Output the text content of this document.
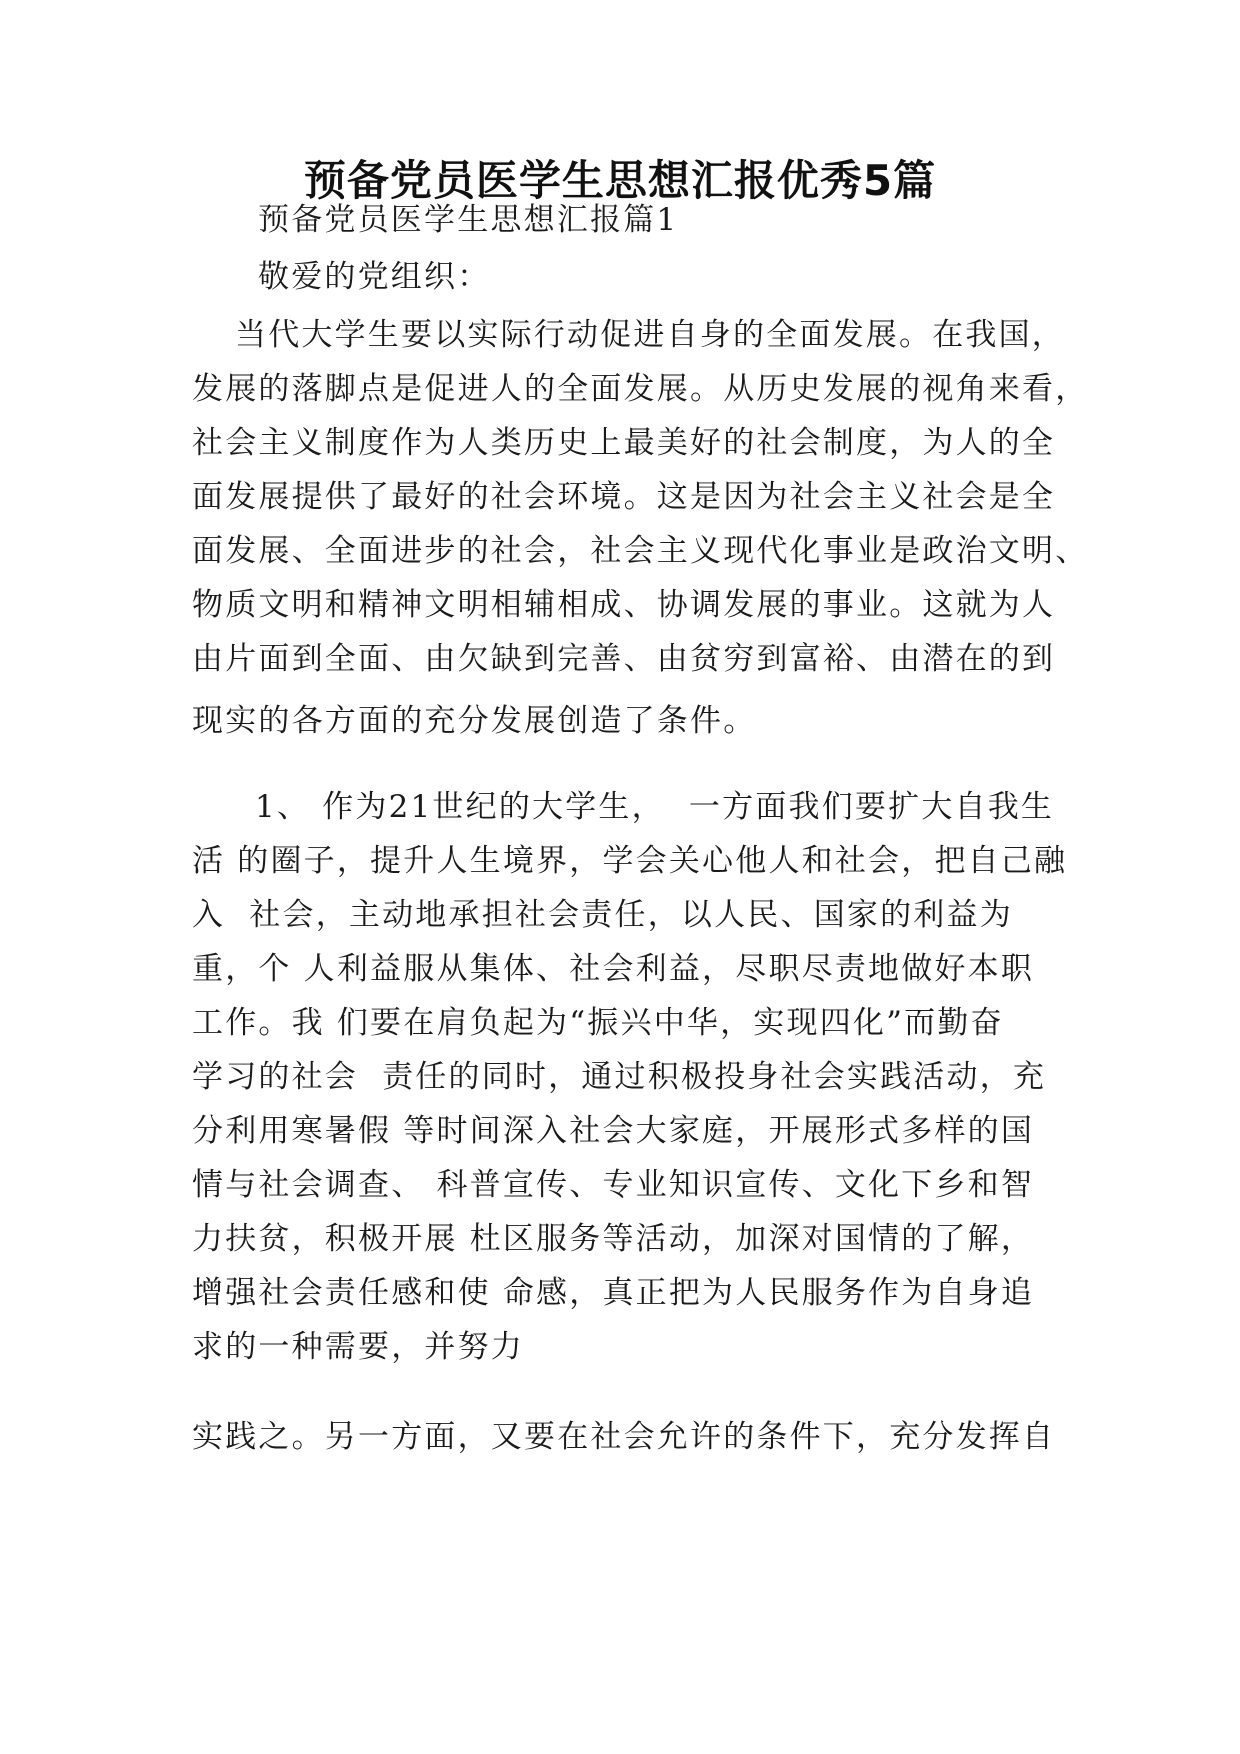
预备党员医学生思想汇报优秀5篇
预备党员医学生思想汇报篇1
敬爱的党组织：
当代大学生要以实际行动促进自身的全面发展。在我国，
发展的落脚点是促进人的全面发展。从历史发展的视角来看，
社会主义制度作为人类历史上最美好的社会制度，为人的全
面发展提供了最好的社会环境。这是因为社会主义社会是全
面发展、全面进步的社会，社会主义现代化事业是政治文明、
物质文明和精神文明相辅相成、协调发展的事业。这就为人
由片面到全面、由欠缺到完善、由贫穷到富裕、由潜在的到
现实的各方面的充分发展创造了条件。
1、 作为21世纪的大学生，  一方面我们要扩大自我生
活 的圈子，提升人生境界，学会关心他人和社会，把自己融
入  社会，主动地承担社会责任，以人民、国家的利益为
重，个 人利益服从集体、社会利益，尽职尽责地做好本职
工作。我 们要在肩负起为“振兴中华，实现四化”而勤奋
学习的社会  责任的同时，通过积极投身社会实践活动，充
分利用寒暑假 等时间深入社会大家庭，开展形式多样的国
情与社会调查、 科普宣传、专业知识宣传、文化下乡和智
力扶贫，积极开展 杜区服务等活动，加深对国情的了解，
增强社会责任感和使 命感，真正把为人民服务作为自身追
求的一种需要，并努力
实践之。另一方面，又要在社会允许的条件下，充分发挥自
